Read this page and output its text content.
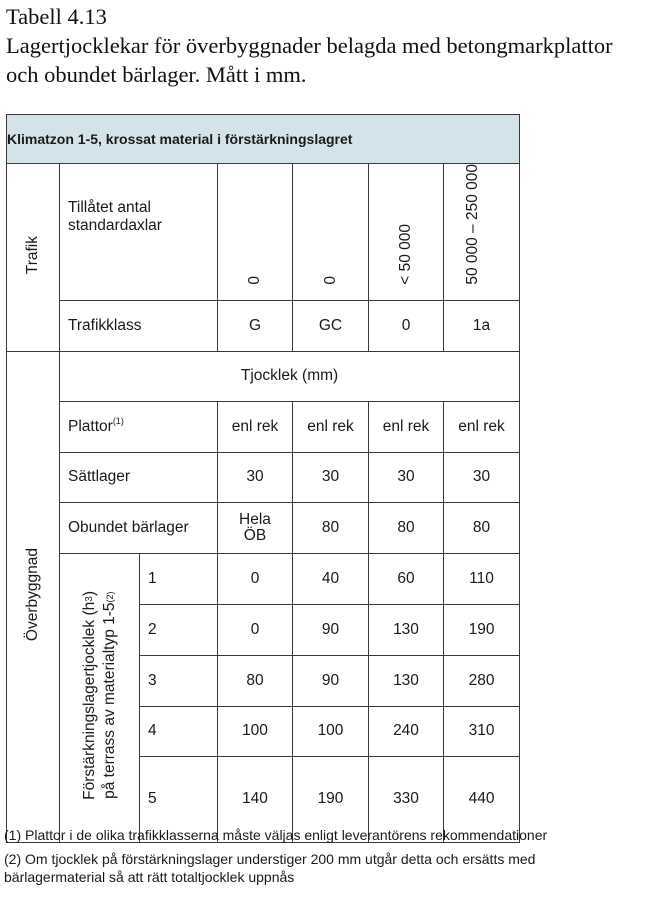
Tabell 4.13
Lagertjocklekar för överbyggnader belagda med betongmarkplattor
och obundet bärlager. Mått i mm.
Klimatzon 1-5, krossat material i förstärkningslagret						
Trafik	Tillåtet antal standardaxlar		0	0	< 50 000	50 000 – 250 000
	Trafikklass		G	GC	0	1a
Överbyggnad	Tjocklek (mm)					
	Plattor$^{(1)}$		enl rek	enl rek	enl rek	enl rek
	Sättlager		30	30	30	30
	Obundet bärlager		Hela ÖB	80	80	80
	Förstärkningslagertjocklek (h3)
på terrass av materialtyp 1-5(2)	1	0	40	60	110
		2	0	90	130	190
		3	80	90	130	280
		4	100	100	240	310
		5	140	190	330	440

(1) Plattor i de olika trafikklasserna måste väljas enligt leverantörens rekommendationer

(2) Om tjocklek på förstärkningslager understiger 200 mm utgår detta och ersätts med bärlagermaterial så att rätt totaltjocklek uppnås
